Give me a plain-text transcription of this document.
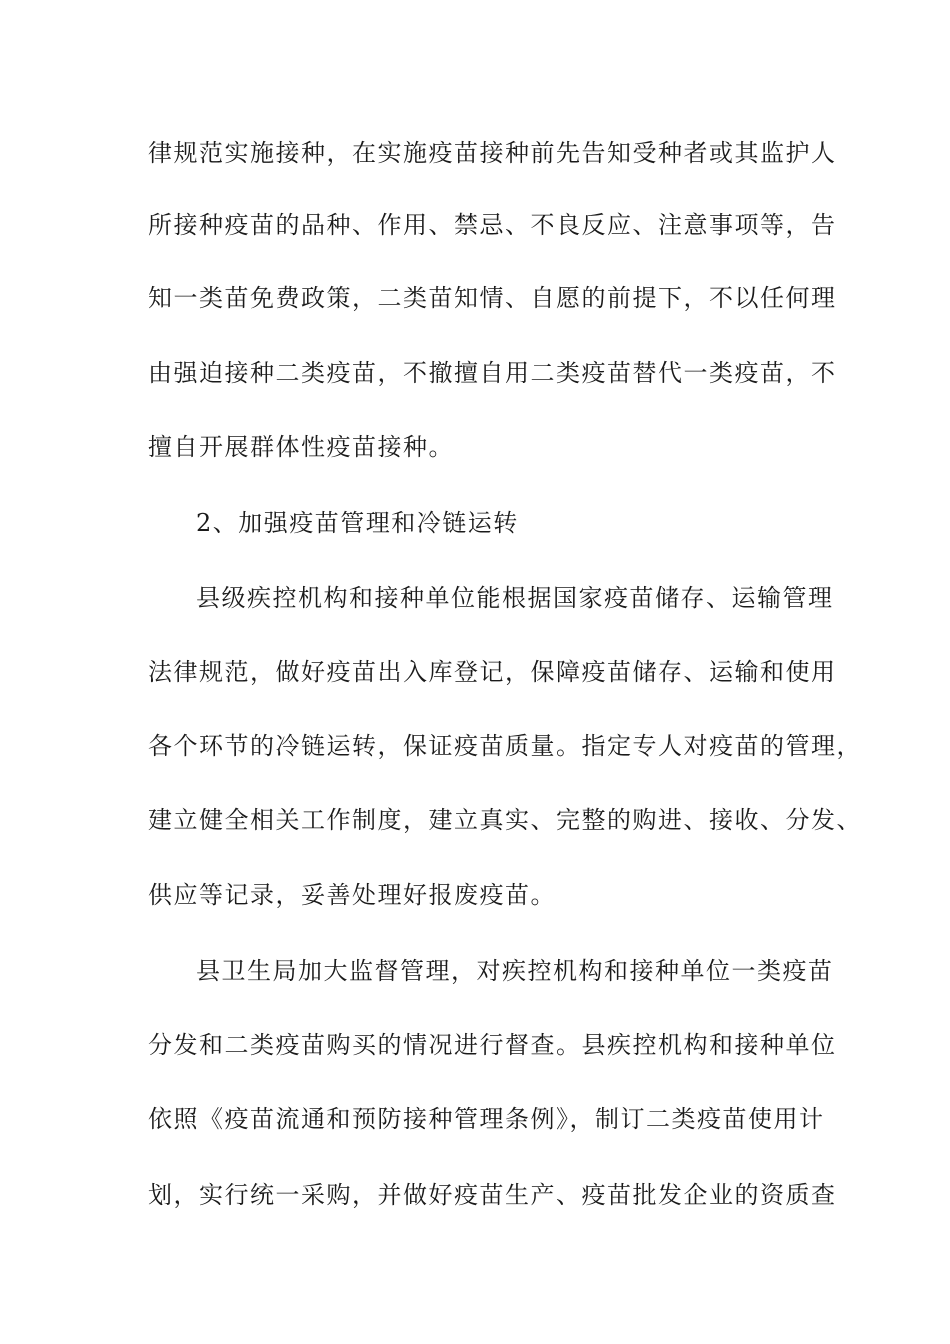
律规范实施接种，在实施疫苗接种前先告知受种者或其监护人
所接种疫苗的品种、作用、禁忌、不良反应、注意事项等，告
知一类苗免费政策，二类苗知情、自愿的前提下，不以任何理
由强迫接种二类疫苗，不撤擅自用二类疫苗替代一类疫苗，不
擅自开展群体性疫苗接种。
2、加强疫苗管理和冷链运转
县级疾控机构和接种单位能根据国家疫苗储存、运输管理
法律规范，做好疫苗出入库登记，保障疫苗储存、运输和使用
各个环节的冷链运转，保证疫苗质量。指定专人对疫苗的管理，
建立健全相关工作制度，建立真实、完整的购进、接收、分发、
供应等记录，妥善处理好报废疫苗。
县卫生局加大监督管理，对疾控机构和接种单位一类疫苗
分发和二类疫苗购买的情况进行督查。县疾控机构和接种单位
依照《疫苗流通和预防接种管理条例》，制订二类疫苗使用计
划，实行统一采购，并做好疫苗生产、疫苗批发企业的资质查
